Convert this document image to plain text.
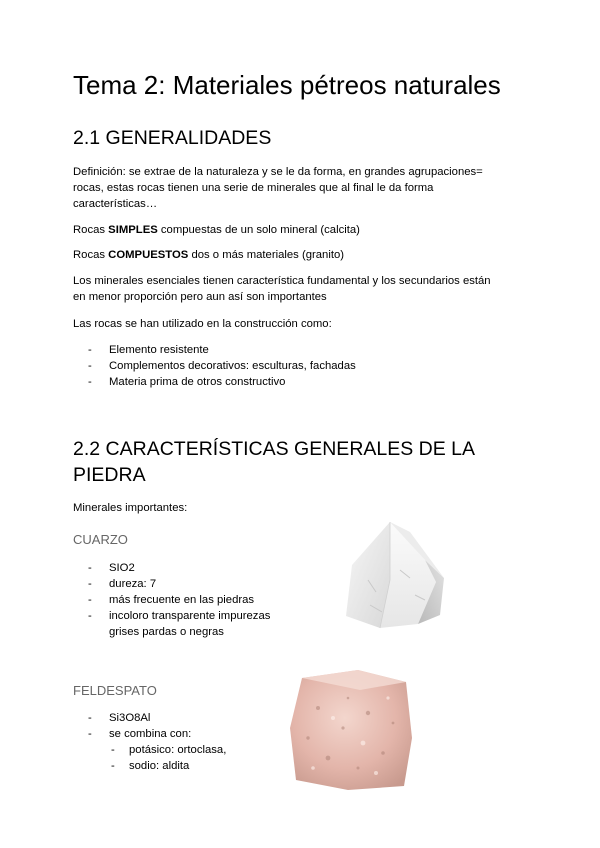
Tema 2: Materiales pétreos naturales
2.1 GENERALIDADES

Definición: se extrae de la naturaleza y se le da forma, en grandes agrupaciones=

rocas, estas rocas tienen una serie de minerales que al final le da forma

características…

Rocas SIMPLES compuestas de un solo mineral (calcita)

Rocas COMPUESTOS dos o más materiales (granito)

Los minerales esenciales tienen característica fundamental y los secundarios están

en menor proporción pero aun así son importantes

Las rocas se han utilizado en la construcción como:

- Elemento resistente
- Complementos decorativos: esculturas, fachadas
- Materia prima de otros constructivo
2.2 CARACTERÍSTICAS GENERALES DE LA PIEDRA

Minerales importantes:

CUARZO
- SIO2
- dureza: 7
- más frecuente en las piedras
- incoloro transparente impurezas
grises pardas o negras
FELDESPATO
- Si3O8Al
- se combina con:
- potásico: ortoclasa,
- sodio: aldita
